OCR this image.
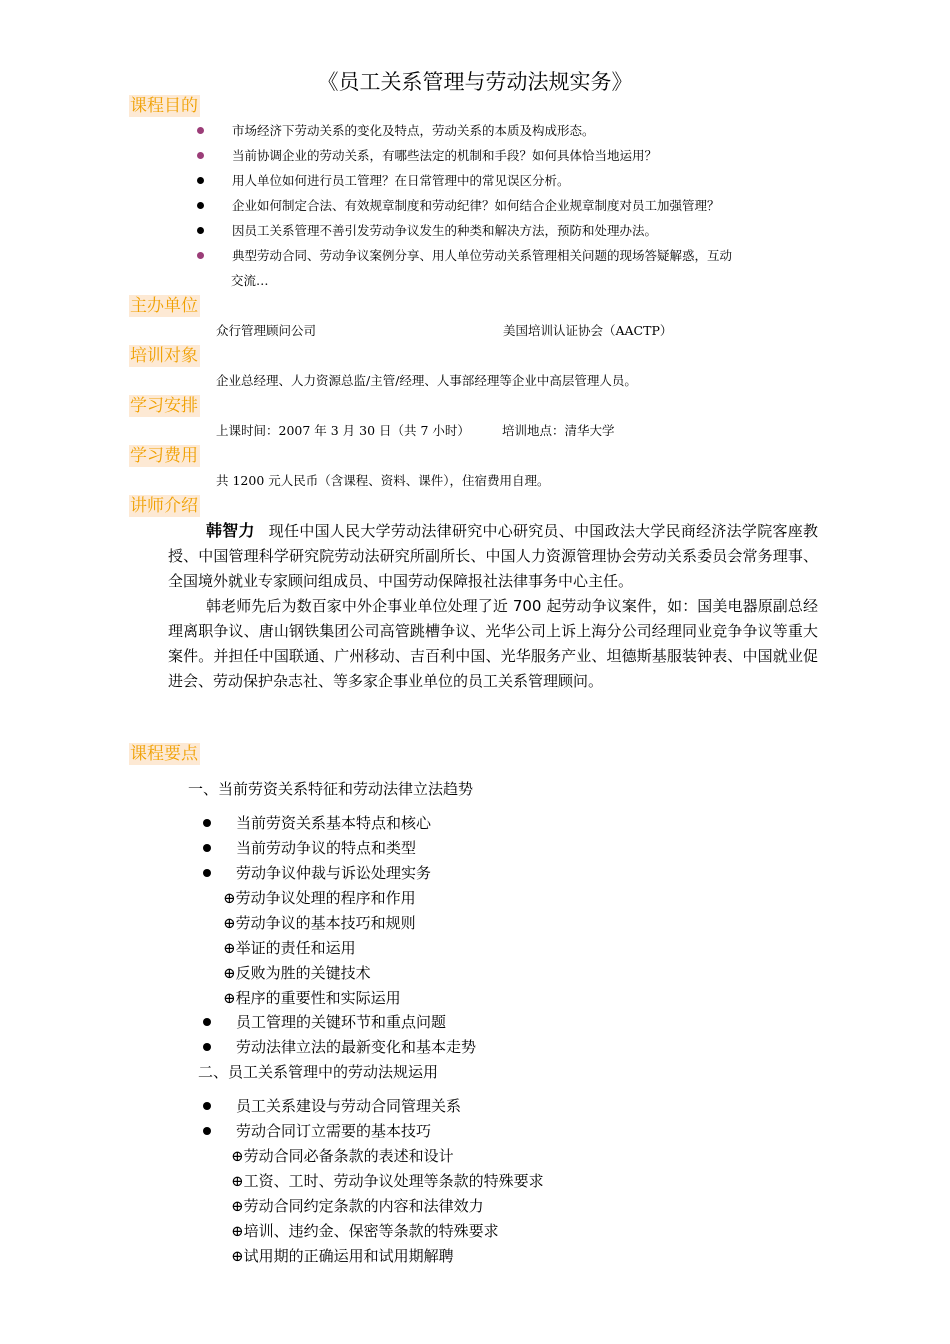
《员工关系管理与劳动法规实务》
课程目的
市场经济下劳动关系的变化及特点，劳动关系的本质及构成形态。
当前协调企业的劳动关系，有哪些法定的机制和手段？如何具体恰当地运用？
用人单位如何进行员工管理？在日常管理中的常见误区分析。
企业如何制定合法、有效规章制度和劳动纪律？如何结合企业规章制度对员工加强管理？
因员工关系管理不善引发劳动争议发生的种类和解决方法，预防和处理办法。
典型劳动合同、劳动争议案例分享、用人单位劳动关系管理相关问题的现场答疑解惑，互动
交流…
主办单位
众行管理顾问公司	美国培训认证协会（AACTP）
培训对象
企业总经理、人力资源总监/主管/经理、人事部经理等企业中高层管理人员。
学习安排
上课时间：2007 年 3 月 30 日（共 7 小时）	培训地点：清华大学
学习费用
共 1200 元人民币（含课程、资料、课件），住宿费用自理。
讲师介绍

韩智力 现任中国人民大学劳动法律研究中心研究员、中国政法大学民商经济法学院客座教授、中国管理科学研究院劳动法研究所副所长、中国人力资源管理协会劳动关系委员会常务理事、全国境外就业专家顾问组成员、中国劳动保障报社法律事务中心主任。

韩老师先后为数百家中外企事业单位处理了近 700 起劳动争议案件，如：国美电器原副总经理离职争议、唐山钢铁集团公司高管跳槽争议、光华公司上诉上海分公司经理同业竞争争议等重大案件。并担任中国联通、广州移动、吉百利中国、光华服务产业、坦德斯基服装钟表、中国就业促进会、劳动保护杂志社、等多家企事业单位的员工关系管理顾问。

课程要点
一、当前劳资关系特征和劳动法律立法趋势
当前劳资关系基本特点和核心
当前劳动争议的特点和类型
劳动争议仲裁与诉讼处理实务
⊕劳动争议处理的程序和作用
⊕劳动争议的基本技巧和规则
⊕举证的责任和运用
⊕反败为胜的关键技术
⊕程序的重要性和实际运用
员工管理的关键环节和重点问题
劳动法律立法的最新变化和基本走势
二、员工关系管理中的劳动法规运用
员工关系建设与劳动合同管理关系
劳动合同订立需要的基本技巧
⊕劳动合同必备条款的表述和设计
⊕工资、工时、劳动争议处理等条款的特殊要求
⊕劳动合同约定条款的内容和法律效力
⊕培训、违约金、保密等条款的特殊要求
⊕试用期的正确运用和试用期解聘
